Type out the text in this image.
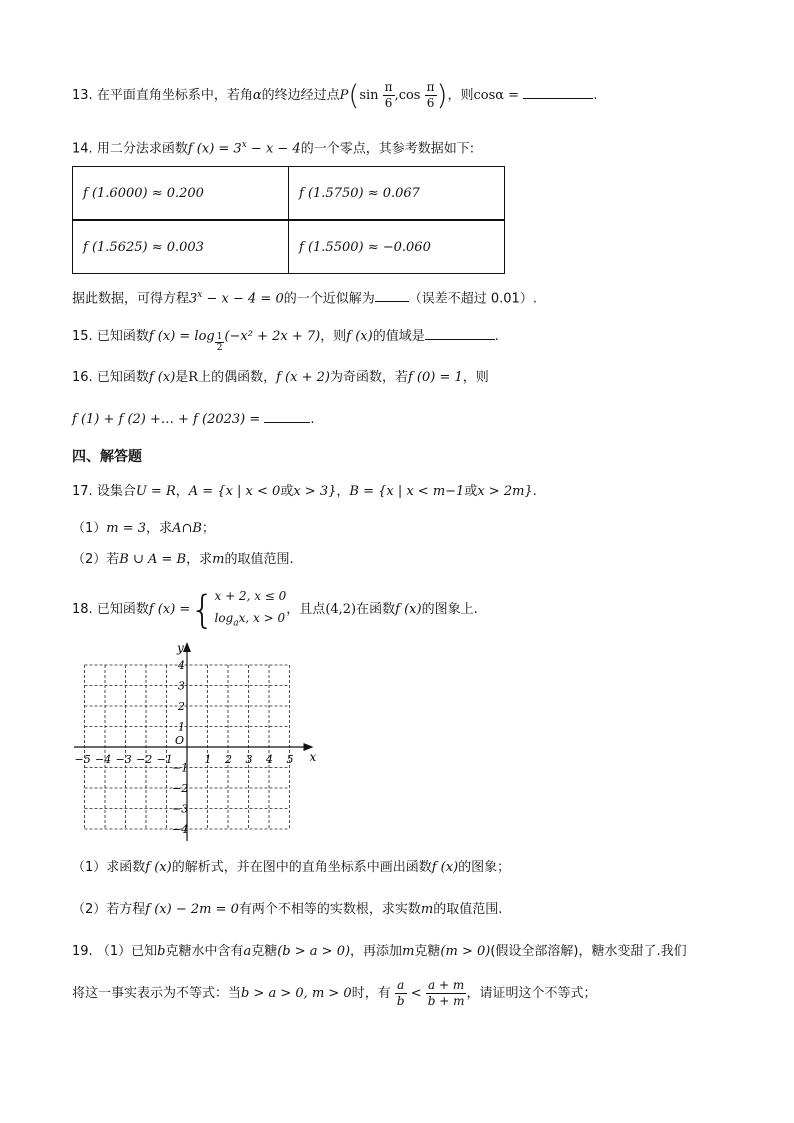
13. 在平面直角坐标系中，若角α的终边经过点$P(\sin \frac{\pi}{6} ,\cos \frac{\pi}{6}$ )，则cosα =	.
14. 用二分法求函数f $(x) = 3^x - x - 4$的一个零点，其参考数据如下:
f (1.6000) ≈ 0.200	f (1.5750) ≈ 0.067
f (1.5625) ≈ 0.003	f (1.5500) ≈ −0.060
据此数据，可得方程$3^x - x - 4 = 0$的一个近似解为	（误差不超过 0.01）.
15. 已知函数f $(x) = \log \frac{1}{2} (-x^2 + 2x + 7)$，则f (x)的值域是	.
16. 已知函数f (x)是R上的偶函数，f (x + 2)为奇函数，若f (0) = 1，则
f (1) + f (2) +… + f (2023) =	.
四、解答题
17. 设集合U = R，A = {x | x < 0或x > 3}，B = {x | x < m−1或x > 2m}.
（1）m = 3，求A∩B；
（2）若B ∪ A = B，求m的取值范围.
18. 已知函数f (x) ={ x + 2, x ≤ 0
$\log_ax$, x > 0
，且点(4,2)在函数f (x)的图象上.
x
y
O
−5 −4 −3 −2 −1	1 2 3 4 5
4
3
2
1
−1
−2
−3
−4
（1）求函数f (x)的解析式，并在图中的直角坐标系中画出函数f (x)的图象；
（2）若方程f (x) − 2m = 0有两个不相等的实数根，求实数m的取值范围.
19. （1）已知b克糖水中含有a克糖(b > a > 0)，再添加m克糖(m > 0)(假设全部溶解)，糖水变甜了.我们
将这一事实表示为不等式：当b > a > 0, m > 0时，有 $\frac{a}{b} < \frac{a + m}{b + m}$ ，请证明这个不等式；
